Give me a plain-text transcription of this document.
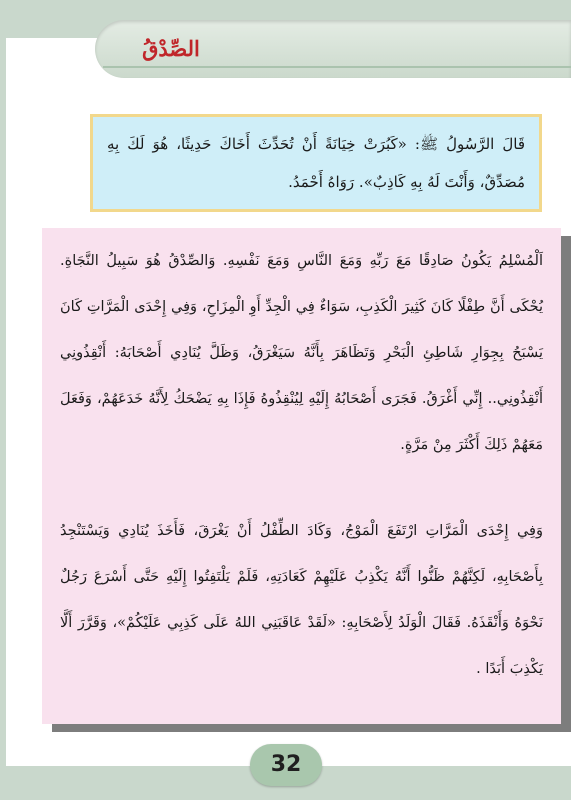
الصِّدْقُ
قَالَ الرَّسُولُ ﷺ: «كَبُرَتْ خِيَانَةً أَنْ تُحَدِّثَ أَخَاكَ حَدِيثًا، هُوَ لَكَ بِهِ مُصَدِّقٌ، وَأَنْتَ لَهُ بِهِ كَاذِبٌ». رَوَاهُ أَحْمَدُ.
اَلْمُسْلِمُ يَكُونُ صَادِقًا مَعَ رَبِّهِ وَمَعَ النَّاسِ وَمَعَ نَفْسِهِ. وَالصِّدْقُ هُوَ سَبِيلُ النَّجَاةِ. يُحْكَى أَنَّ طِفْلًا كَانَ كَثِيرَ الْكَذِبِ، سَوَاءٌ فِي الْجِدِّ أَوِ الْمِزَاحِ، وَفِي إِحْدَى الْمَرَّاتِ كَانَ يَسْبَحُ بِجِوَارِ شَاطِئِ الْبَحْرِ وَتَظَاهَرَ بِأَنَّهُ سَيَغْرَقُ، وَظَلَّ يُنَادِي أَصْحَابَهُ: أَنْقِذُونِي أَنْقِذُونِي.. إِنِّي أَغْرَقُ. فَجَرَى أَصْحَابُهُ إِلَيْهِ لِيُنْقِذُوهُ فَإِذَا بِهِ يَضْحَكُ لِأَنَّهُ خَدَعَهُمْ، وَفَعَلَ مَعَهُمْ ذَلِكَ أَكْثَرَ مِنْ مَرَّةٍ.
وَفِي إِحْدَى الْمَرَّاتِ ارْتَفَعَ الْمَوْجُ، وَكَادَ الطِّفْلُ أَنْ يَغْرَقَ، فَأَخَذَ يُنَادِي وَيَسْتَنْجِدُ بِأَصْحَابِهِ، لَكِنَّهُمْ ظَنُّوا أَنَّهُ يَكْذِبُ عَلَيْهِمْ كَعَادَتِهِ، فَلَمْ يَلْتَفِتُوا إِلَيْهِ حَتَّى أَسْرَعَ رَجُلٌ نَحْوَهُ وَأَنْقَذَهُ. فَقَالَ الْوَلَدُ لِأَصْحَابِهِ: «لَقَدْ عَاقَبَنِي اللهُ عَلَى كَذِبِي عَلَيْكُمْ»، وَقَرَّرَ أَلَّا يَكْذِبَ أَبَدًا .
32
